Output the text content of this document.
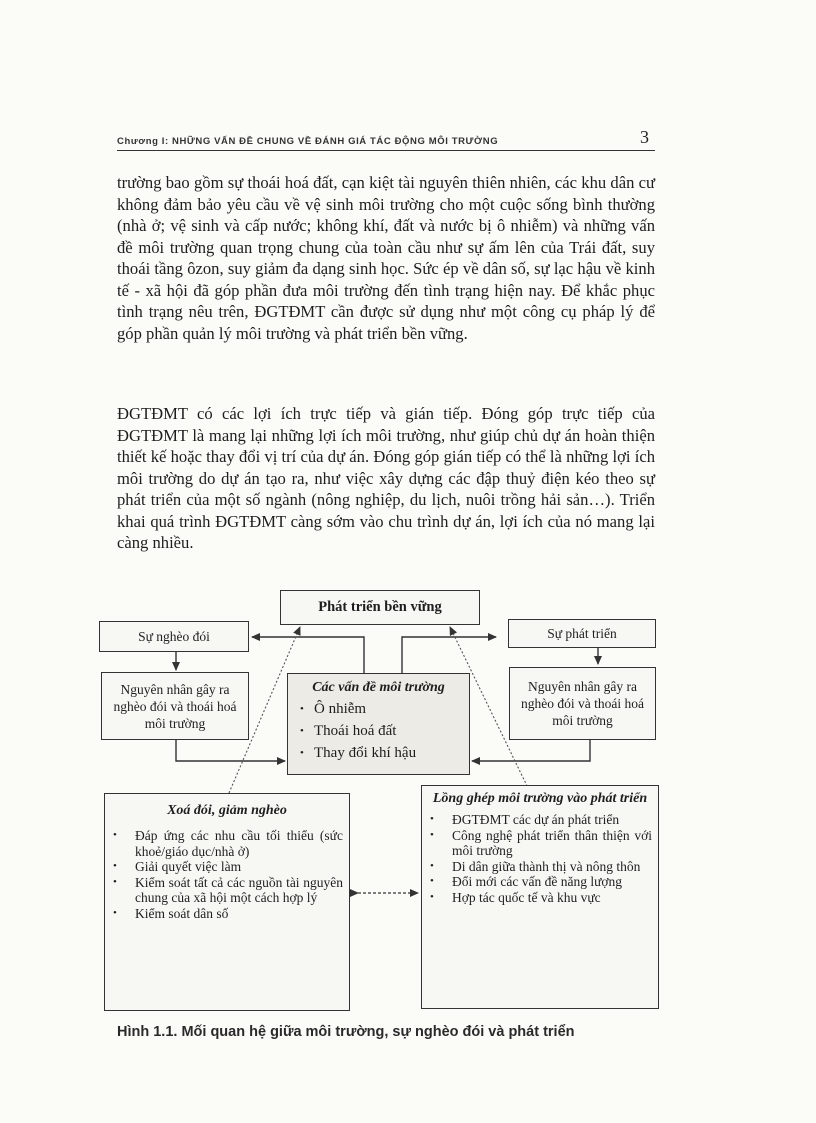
Chương I: NHỮNG VẤN ĐỀ CHUNG VỀ ĐÁNH GIÁ TÁC ĐỘNG MÔI TRƯỜNG	3

trường bao gồm sự thoái hoá đất, cạn kiệt tài nguyên thiên nhiên, các khu dân cư không đảm bảo yêu cầu về vệ sinh môi trường cho một cuộc sống bình thường (nhà ở; vệ sinh và cấp nước; không khí, đất và nước bị ô nhiễm) và những vấn đề môi trường quan trọng chung của toàn cầu như sự ấm lên của Trái đất, suy thoái tầng ôzon, suy giảm đa dạng sinh học. Sức ép về dân số, sự lạc hậu về kinh tế - xã hội đã góp phần đưa môi trường đến tình trạng hiện nay. Để khắc phục tình trạng nêu trên, ĐGTĐMT cần được sử dụng như một công cụ pháp lý để góp phần quản lý môi trường và phát triển bền vững.

ĐGTĐMT có các lợi ích trực tiếp và gián tiếp. Đóng góp trực tiếp của ĐGTĐMT là mang lại những lợi ích môi trường, như giúp chủ dự án hoàn thiện thiết kế hoặc thay đổi vị trí của dự án. Đóng góp gián tiếp có thể là những lợi ích môi trường do dự án tạo ra, như việc xây dựng các đập thuỷ điện kéo theo sự phát triển của một số ngành (nông nghiệp, du lịch, nuôi trồng hải sản…). Triển khai quá trình ĐGTĐMT càng sớm vào chu trình dự án, lợi ích của nó mang lại càng nhiều.

Phát triển bền vững
Sự nghèo đói	Sự phát triển
Nguyên nhân gây ra nghèo đói và thoái hoá môi trường
Nguyên nhân gây ra nghèo đói và thoái hoá môi trường
Các vấn đề môi trường
• Ô nhiễm
• Thoái hoá đất
• Thay đổi khí hậu
Xoá đói, giảm nghèo
• Đáp ứng các nhu cầu tối thiểu (sức khoẻ/giáo dục/nhà ở)
• Giải quyết việc làm
• Kiểm soát tất cả các nguồn tài nguyên chung của xã hội một cách hợp lý
• Kiểm soát dân số
Lồng ghép môi trường vào phát triển
• ĐGTĐMT các dự án phát triển
• Công nghệ phát triển thân thiện với môi trường
• Di dân giữa thành thị và nông thôn
• Đổi mới các vấn đề năng lượng
• Hợp tác quốc tế và khu vực
Hình 1.1. Mối quan hệ giữa môi trường, sự nghèo đói và phát triển
